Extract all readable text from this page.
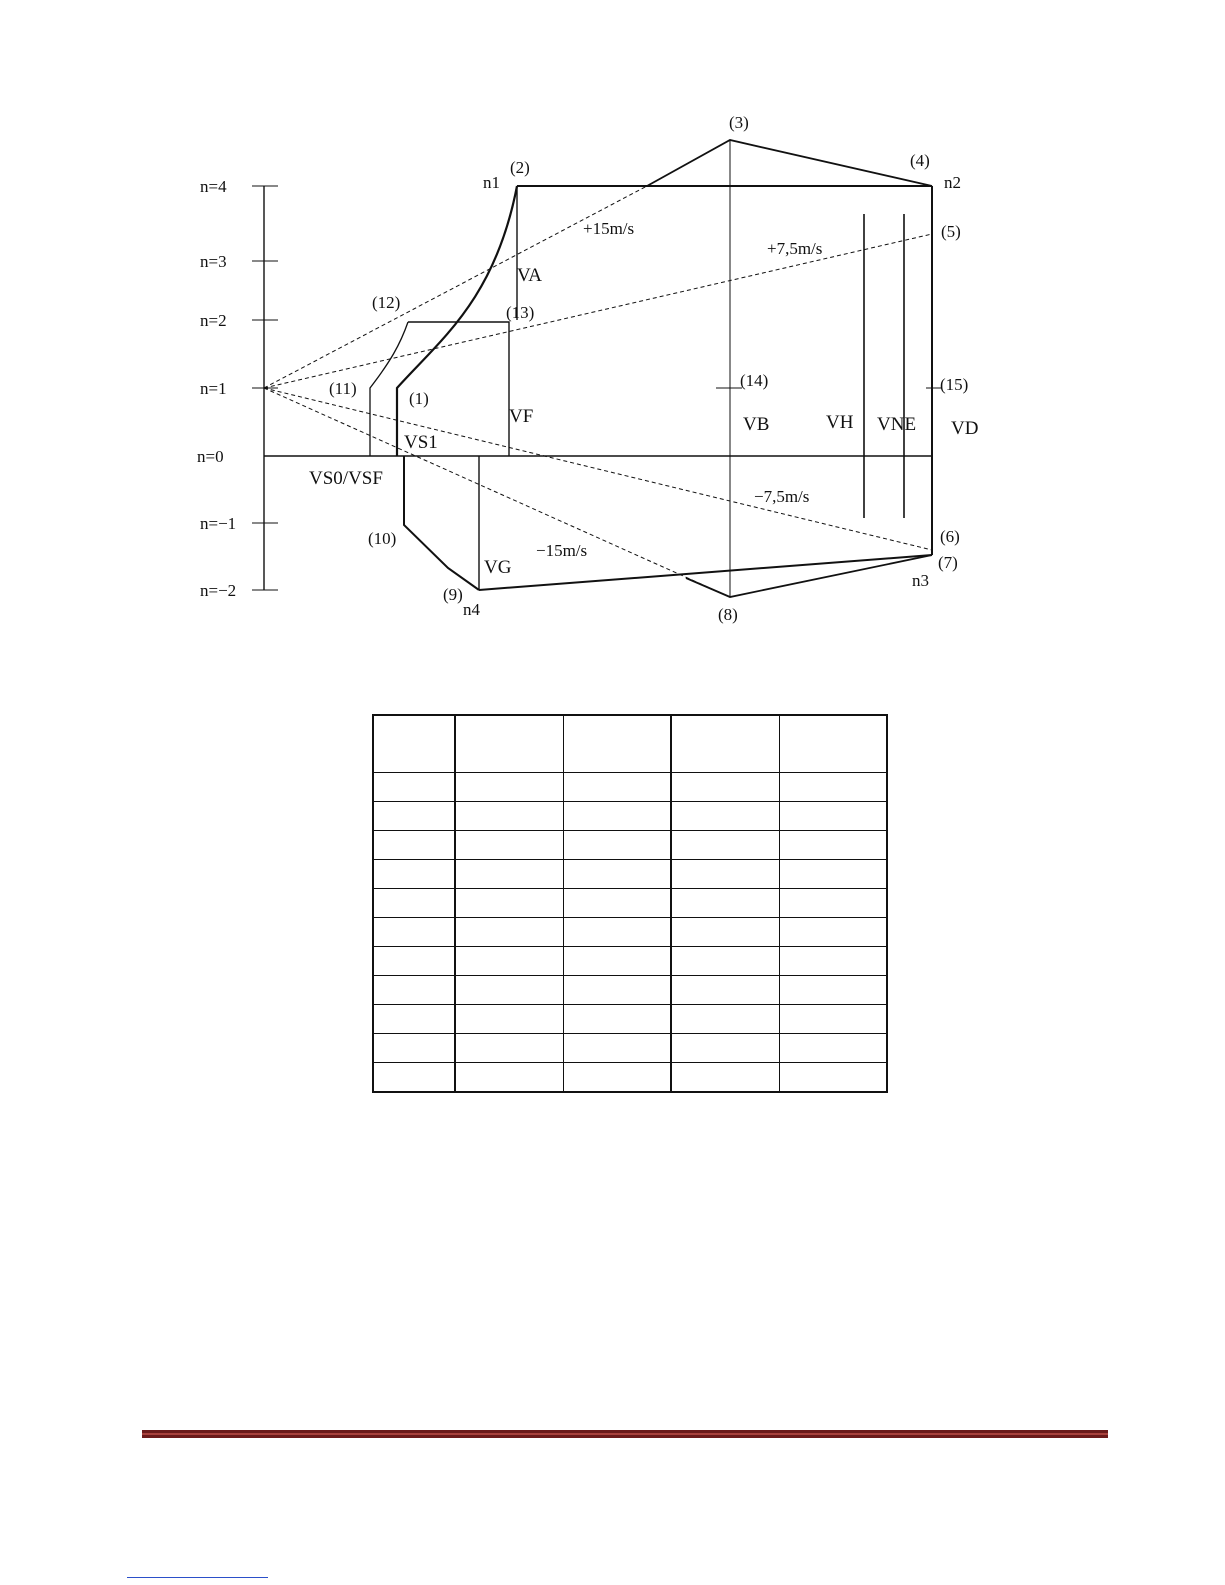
n=4
n=3
n=2
n=1
n=0
n=−1
n=−2
(1)
(2)
(3)
(4)
(5)
(6)
(7)
(8)
(9)
(10)
(11)
(12)
(13)
(14)	(15)
n1	n2
n3
n4
VA
VF
VS1
VS0/VSF
VB	VH VNE VD
VG
+15m/s
+7,5m/s
−7,5m/s
−15m/s
